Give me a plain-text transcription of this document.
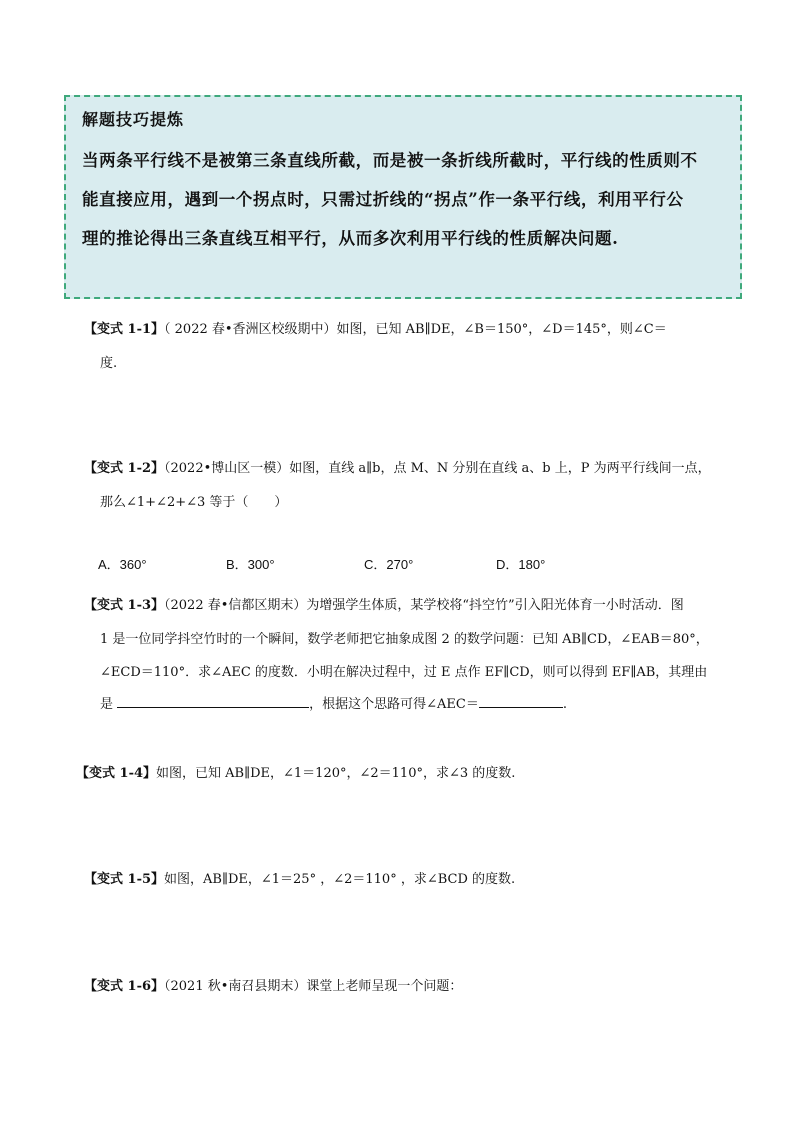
解题技巧提炼
当两条平行线不是被第三条直线所截，而是被一条折线所截时，平行线的性质则不
能直接应用，遇到一个拐点时，只需过折线的“拐点”作一条平行线，利用平行公
理的推论得出三条直线互相平行，从而多次利用平行线的性质解决问题.
【变式 1-1】（ 2022 春•香洲区校级期中）如图，已知 AB∥DE，∠B＝150°，∠D＝145°，则∠C＝
度.
【变式 1-2】（2022•博山区一模）如图，直线 a∥b，点 M、N 分别在直线 a、b 上，P 为两平行线间一点，
那么∠1+∠2+∠3 等于（　　）
A．360°	B．300°	C．270°	D．180°
【变式 1-3】（2022 春•信都区期末）为增强学生体质，某学校将“抖空竹”引入阳光体育一小时活动．图
1 是一位同学抖空竹时的一个瞬间，数学老师把它抽象成图 2 的数学问题：已知 AB∥CD，∠EAB＝80°，
∠ECD＝110°．求∠AEC 的度数．小明在解决过程中，过 E 点作 EF∥CD，则可以得到 EF∥AB，其理由
是	，根据这个思路可得∠AEC＝	.
【变式 1-4】如图，已知 AB∥DE，∠1＝120°，∠2＝110°，求∠3 的度数.
【变式 1-5】如图，AB∥DE，∠1＝25° ，∠2＝110° ，求∠BCD 的度数.
【变式 1-6】（2021 秋•南召县期末）课堂上老师呈现一个问题：
